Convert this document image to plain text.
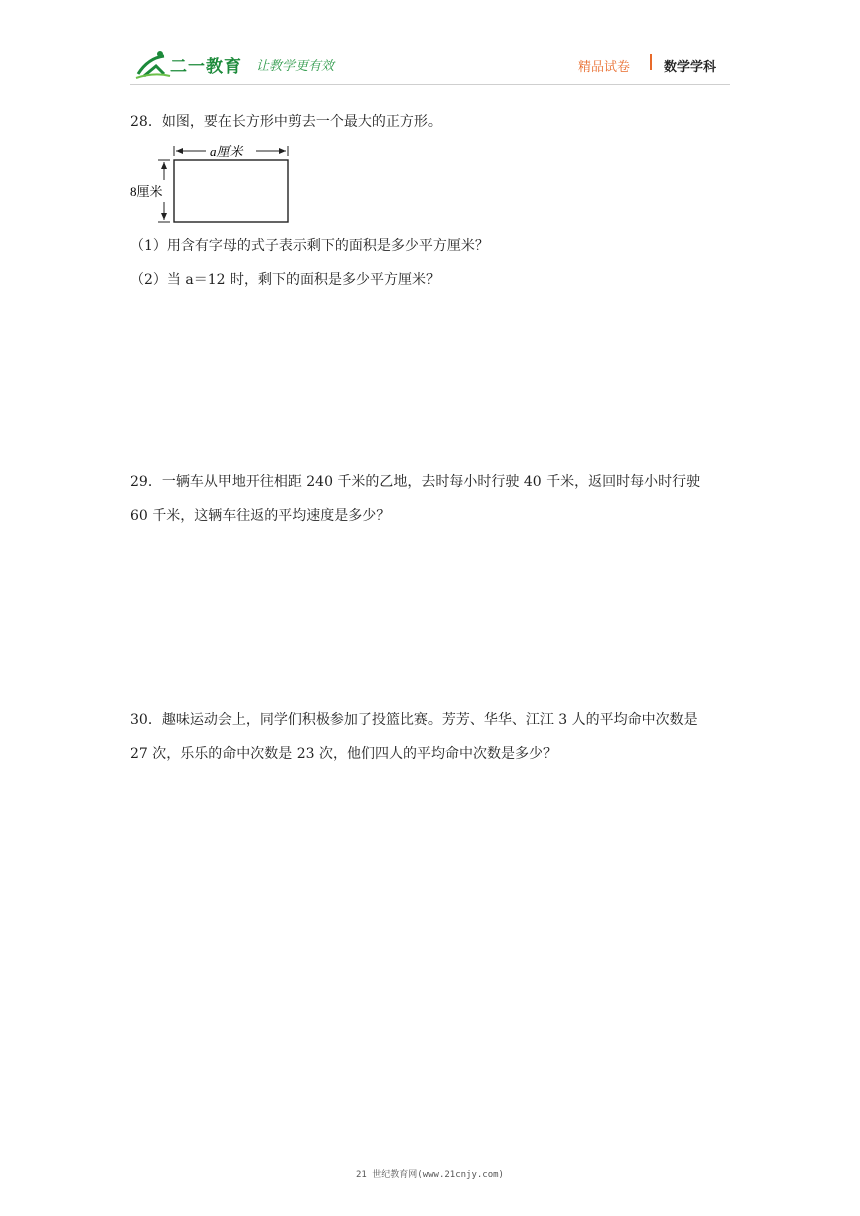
二一教育 让教学更有效	精品试卷	数学学科
28．如图，要在长方形中剪去一个最大的正方形。
a厘米
8厘米
（1）用含有字母的式子表示剩下的面积是多少平方厘米？
（2）当 a＝12 时，剩下的面积是多少平方厘米？
29．一辆车从甲地开往相距 240 千米的乙地，去时每小时行驶 40 千米，返回时每小时行驶
60 千米，这辆车往返的平均速度是多少？
30．趣味运动会上，同学们积极参加了投篮比赛。芳芳、华华、江江 3 人的平均命中次数是
27 次，乐乐的命中次数是 23 次，他们四人的平均命中次数是多少？
21 世纪教育网(www.21cnjy.com)
